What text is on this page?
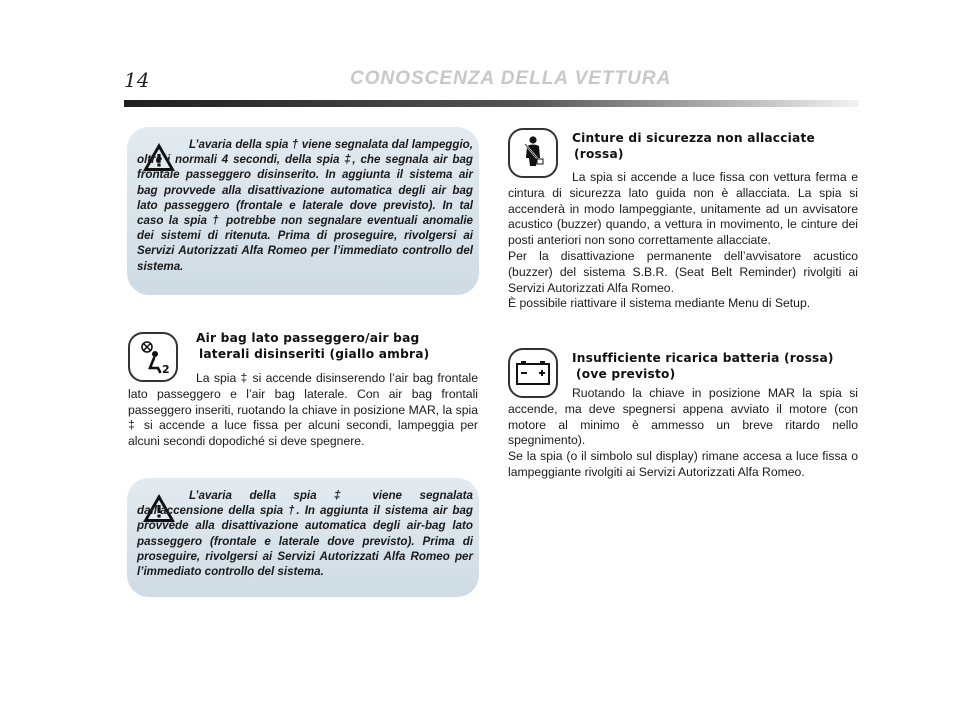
14	CONOSCENZA DELLA VETTURA
L’avaria della spia † viene segnalata dal lampeggio, oltre i normali 4 secondi, della spia ‡, che segnala air bag frontale passeggero disinserito. In aggiunta il sistema air bag provvede alla disattivazione automatica degli air bag lato passeggero (frontale e laterale dove previsto). In tal caso la spia † potrebbe non segnalare eventuali anomalie dei sistemi di ritenuta. Prima di proseguire, rivolgersi ai Servizi Autorizzati Alfa Romeo per l’immediato controllo del sistema.
2
Air bag lato passeggero/air bag
laterali disinseriti (giallo ambra)
La spia ‡ si accende disinserendo l’air bag frontale lato passeggero e l’air bag laterale. Con air bag frontali passeggero inseriti, ruotando la chiave in posizione MAR, la spia ‡ si accende a luce fissa per alcuni secondi, lampeggia per alcuni secondi dopodiché si deve spegnere.
L’avaria della spia ‡ viene segnalata dall’accensione della spia †. In aggiunta il sistema air bag provvede alla disattivazione automatica degli air-bag lato passeggero (frontale e laterale dove previsto). Prima di proseguire, rivolgersi ai Servizi Autorizzati Alfa Romeo per l’immediato controllo del sistema.
Cinture di sicurezza non allacciate
(rossa)
La spia si accende a luce fissa con vettura ferma e cintura di sicurezza lato guida non è allacciata. La spia si accenderà in modo lampeggiante, unitamente ad un avvisatore acustico (buzzer) quando, a vettura in movimento, le cinture dei posti anteriori non sono correttamente allacciate.
Per la disattivazione permanente dell’avvisatore acustico (buzzer) del sistema S.B.R. (Seat Belt Reminder) rivolgiti ai Servizi Autorizzati Alfa Romeo.
È possibile riattivare il sistema mediante Menu di Setup.
Insufficiente ricarica batteria (rossa)
(ove previsto)
Ruotando la chiave in posizione MAR la spia si accende, ma deve spegnersi appena avviato il motore (con motore al minimo è ammesso un breve ritardo nello spegnimento).
Se la spia (o il simbolo sul display) rimane accesa a luce fissa o lampeggiante rivolgiti ai Servizi Autorizzati Alfa Romeo.
